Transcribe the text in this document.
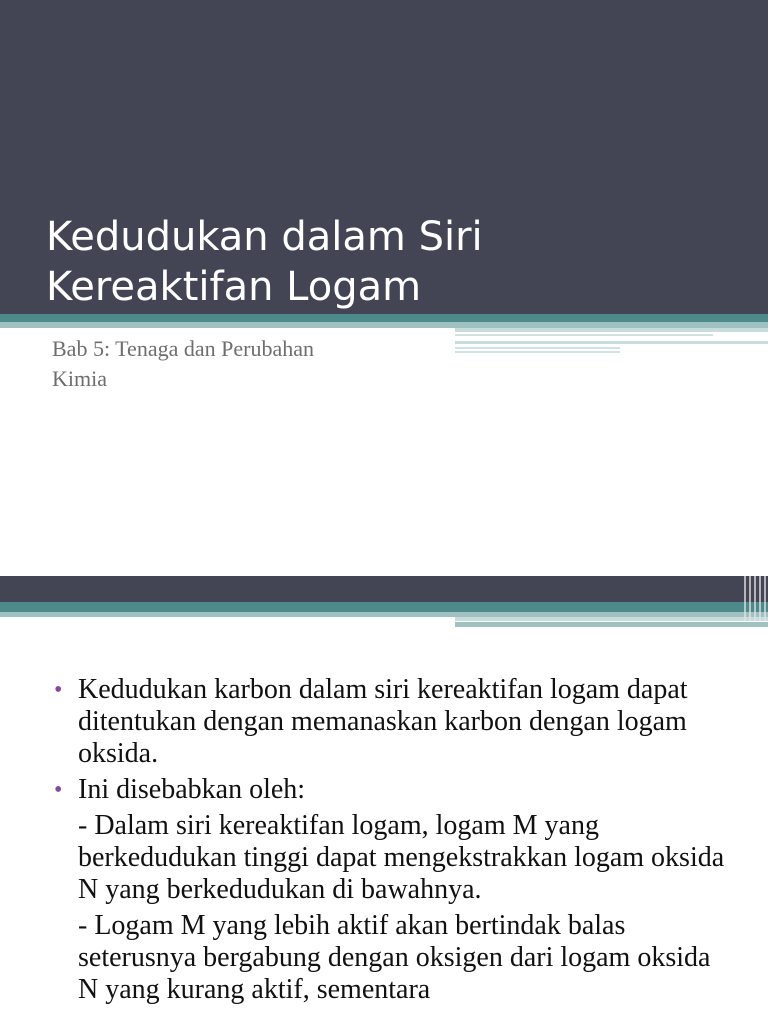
Kedudukan dalam Siri
Kereaktifan Logam

Bab 5: Tenaga dan Perubahan
Kimia

• Kedudukan karbon dalam siri kereaktifan logam dapat ditentukan dengan memanaskan karbon dengan logam oksida.
• Ini disebabkan oleh:
- Dalam siri kereaktifan logam, logam M yang berkedudukan tinggi dapat mengekstrakkan logam oksida N yang berkedudukan di bawahnya.
- Logam M yang lebih aktif akan bertindak balas seterusnya bergabung dengan oksigen dari logam oksida N yang kurang aktif, sementara
